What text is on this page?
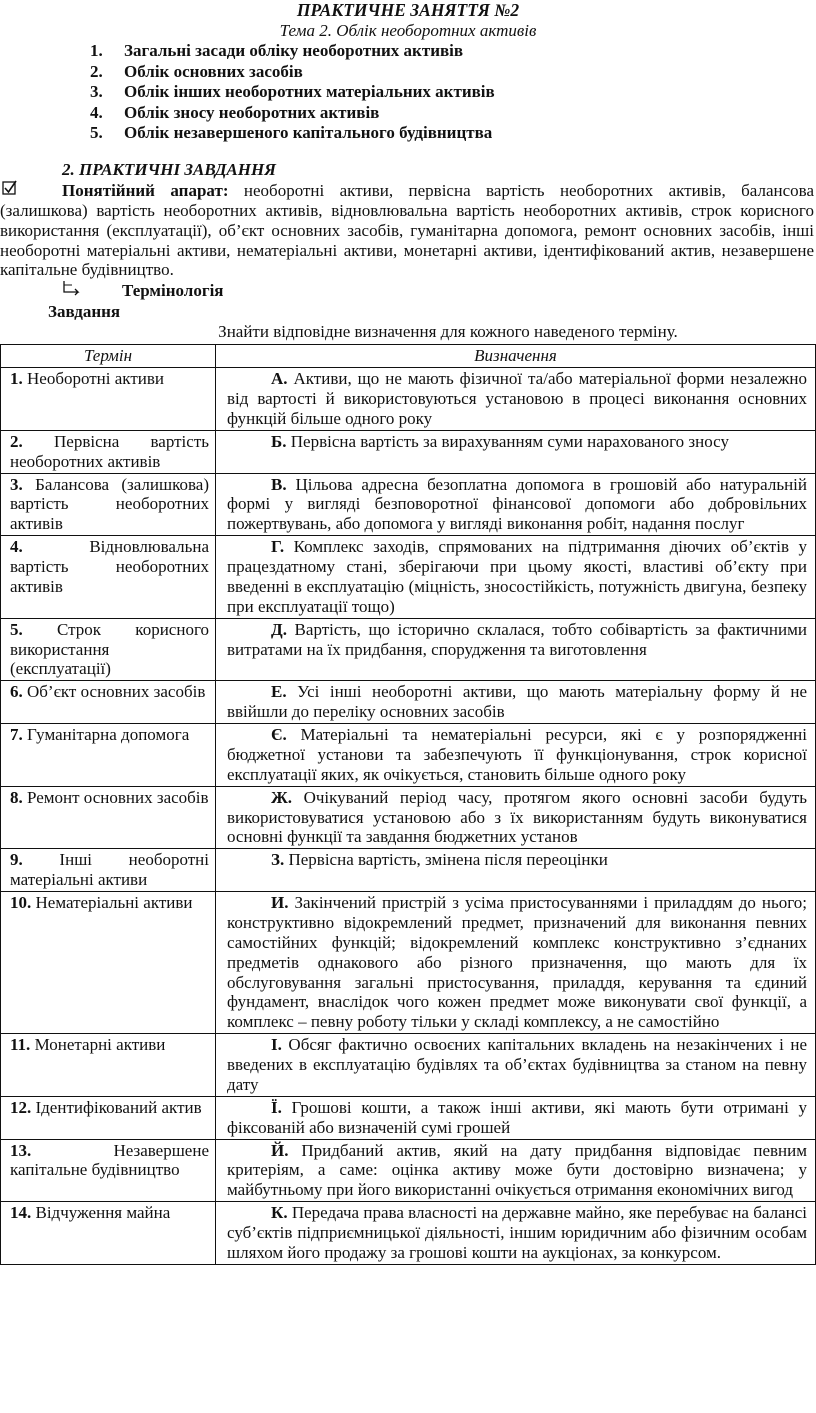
ПРАКТИЧНЕ ЗАНЯТТЯ №2
Тема 2. Облік необоротних активів
1. Загальні засади обліку необоротних активів
2. Облік основних засобів
3. Облік інших необоротних матеріальних активів
4. Облік зносу необоротних активів
5. Облік незавершеного капітального будівництва
2. ПРАКТИЧНІ ЗАВДАННЯ

Понятійний апарат: необоротні активи, первісна вартість необоротних активів, балансова (залишкова) вартість необоротних активів, відновлювальна вартість необоротних активів, строк корисного використання (експлуатації), об’єкт основних засобів, гуманітарна допомога, ремонт основних засобів, інші необоротні матеріальні активи, нематеріальні активи, монетарні активи, ідентифікований актив, незавершене капітальне будівництво.

Термінологія
Завдання
Знайти відповідне визначення для кожного наведеного терміну.
Термін	Визначення
1. Необоротні активи	А. Активи, що не мають фізичної та/або матеріальної форми незалежно від вартості й використовуються установою в процесі виконання основних функцій більше одного року
2. Первісна вартість необоротних активів	Б. Первісна вартість за вирахуванням суми нарахованого зносу
3. Балансова (залишкова) вартість необоротних активів	В. Цільова адресна безоплатна допомога в грошовій або натуральній формі у вигляді безповоротної фінансової допомоги або добровільних пожертвувань, або допомога у вигляді виконання робіт, надання послуг
4. Відновлювальна вартість необоротних активів	Г. Комплекс заходів, спрямованих на підтримання діючих об’єктів у працездатному стані, зберігаючи при цьому якості, властиві об’єкту при введенні в експлуатацію (міцність, зносостійкість, потужність двигуна, безпеку при експлуатації тощо)
5. Строк корисного використання (експлуатації)	Д. Вартість, що історично склалася, тобто собівартість за фактичними витратами на їх придбання, спорудження та виготовлення
6. Об’єкт основних засобів	Е. Усі інші необоротні активи, що мають матеріальну форму й не ввійшли до переліку основних засобів
7. Гуманітарна допомога	Є. Матеріальні та нематеріальні ресурси, які є у розпорядженні бюджетної установи та забезпечують її функціонування, строк корисної експлуатації яких, як очікується, становить більше одного року
8. Ремонт основних засобів	Ж. Очікуваний період часу, протягом якого основні засоби будуть використовуватися установою або з їх використанням будуть виконуватися основні функції та завдання бюджетних установ
9. Інші необоротні матеріальні активи	З. Первісна вартість, змінена після переоцінки
10. Нематеріальні активи	И. Закінчений пристрій з усіма пристосуваннями і приладдям до нього; конструктивно відокремлений предмет, призначений для виконання певних самостійних функцій; відокремлений комплекс конструктивно з’єднаних предметів однакового або різного призначення, що мають для їх обслуговування загальні пристосування, приладдя, керування та єдиний фундамент, внаслідок чого кожен предмет може виконувати свої функції, а комплекс – певну роботу тільки у складі комплексу, а не самостійно
11. Монетарні активи	І. Обсяг фактично освоєних капітальних вкладень на незакінчених і не введених в експлуатацію будівлях та об’єктах будівництва за станом на певну дату
12. Ідентифікований актив	Ї. Грошові кошти, а також інші активи, які мають бути отримані у фіксованій або визначеній сумі грошей
13. Незавершене капітальне будівництво	Й. Придбаний актив, який на дату придбання відповідає певним критеріям, а саме: оцінка активу може бути достовірно визначена; у майбутньому при його використанні очікується отримання економічних вигод
14. Відчуження майна	К. Передача права власності на державне майно, яке перебуває на балансі суб’єктів підприємницької діяльності, іншим юридичним або фізичним особам шляхом його продажу за грошові кошти на аукціонах, за конкурсом.
